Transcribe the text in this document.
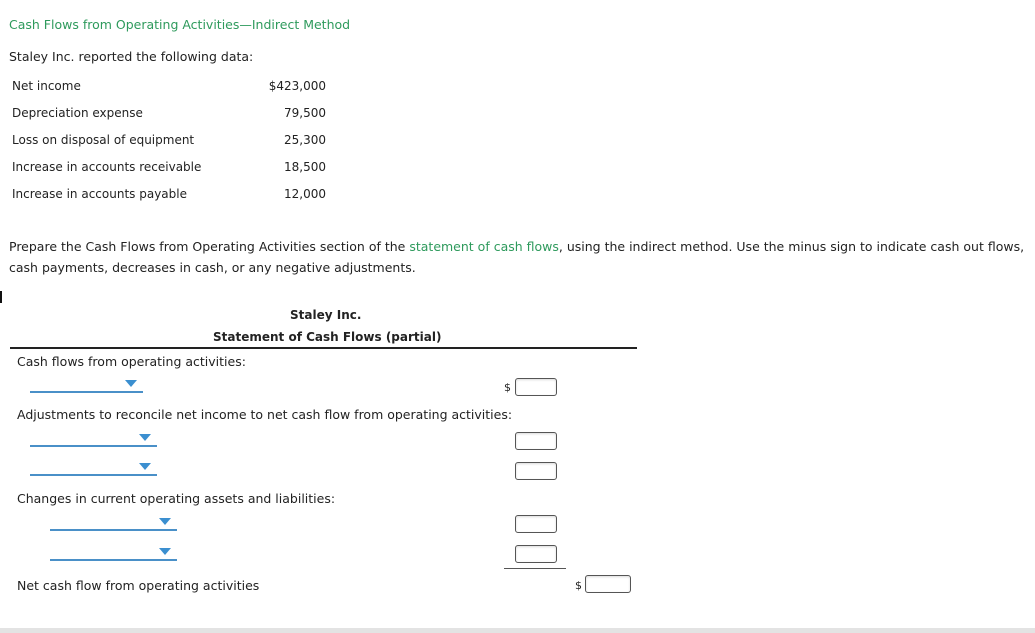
Cash Flows from Operating Activities—Indirect Method
Staley Inc. reported the following data:
Net income	$423,000
Depreciation expense	79,500
Loss on disposal of equipment	25,300
Increase in accounts receivable	18,500
Increase in accounts payable	12,000
Prepare the Cash Flows from Operating Activities section of the statement of cash flows, using the indirect method. Use the minus sign to indicate cash out flows, cash payments, decreases in cash, or any negative adjustments.
Staley Inc.
Statement of Cash Flows (partial)
Cash flows from operating activities:
$
Adjustments to reconcile net income to net cash flow from operating activities:
Changes in current operating assets and liabilities:
Net cash flow from operating activities	$
